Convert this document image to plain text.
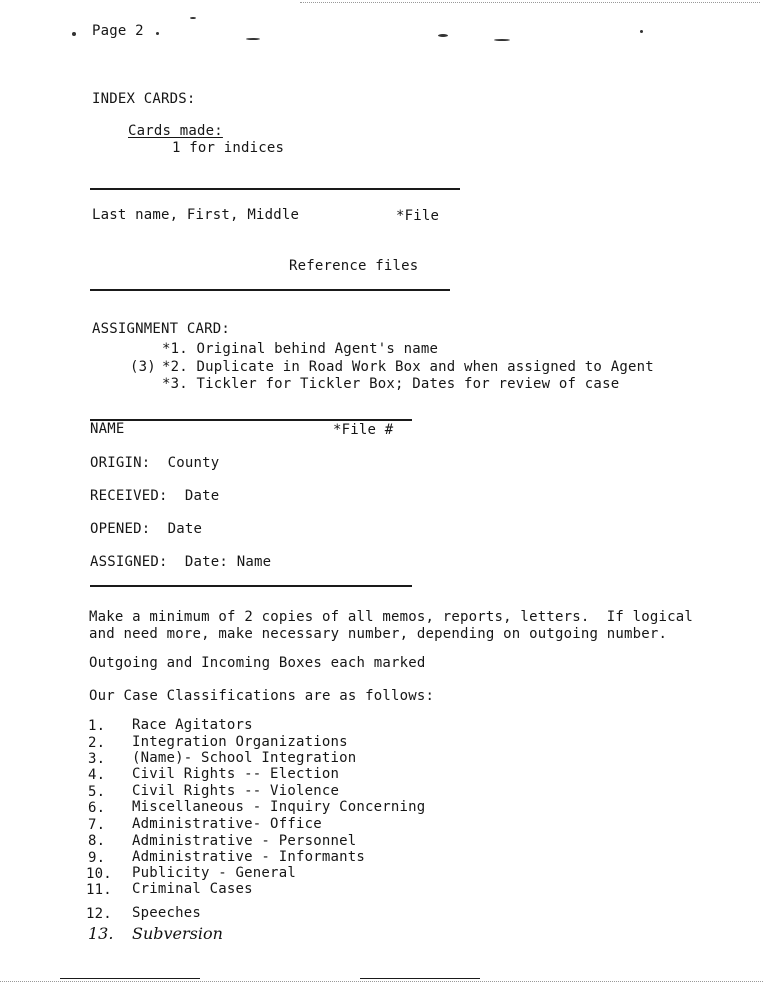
Page 2
INDEX CARDS:
Cards made:
1 for indices
Last name, First, Middle	*File
Reference files
ASSIGNMENT CARD:
*1. Original behind Agent's name
(3) *2. Duplicate in Road Work Box and when assigned to Agent
*3. Tickler for Tickler Box; Dates for review of case
NAME	*File #
ORIGIN:  County
RECEIVED:  Date
OPENED:  Date
ASSIGNED:  Date: Name
Make a minimum of 2 copies of all memos, reports, letters.  If logical
and need more, make necessary number, depending on outgoing number.
Outgoing and Incoming Boxes each marked
Our Case Classifications are as follows:
1. Race Agitators
2. Integration Organizations
3. (Name)- School Integration
4. Civil Rights -- Election
5. Civil Rights -- Violence
6. Miscellaneous - Inquiry Concerning
7. Administrative- Office
8. Administrative - Personnel
9. Administrative - Informants
10. Publicity - General
11. Criminal Cases
12. Speeches
13. Subversion
